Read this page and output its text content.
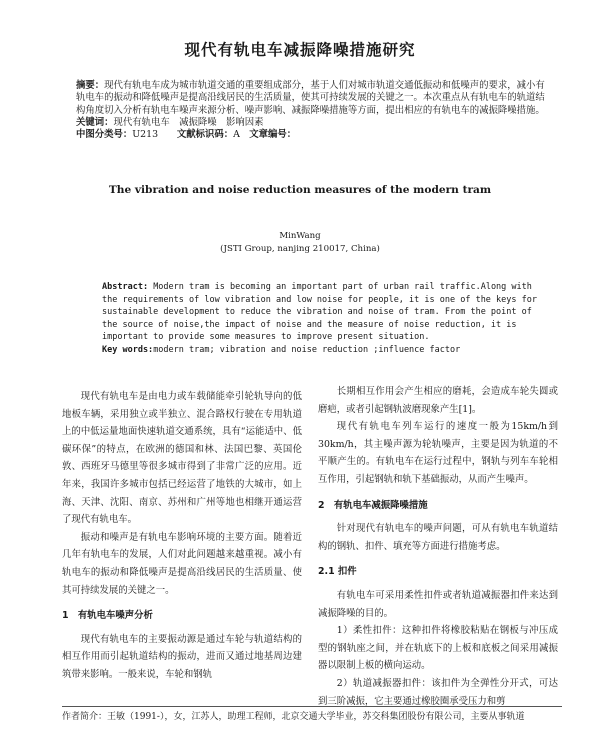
现代有轨电车减振降噪措施研究
摘要：现代有轨电车成为城市轨道交通的重要组成部分，基于人们对城市轨道交通低振动和低噪声的要求，减小有轨电车的振动和降低噪声是提高沿线居民的生活质量，使其可持续发展的关键之一。本次重点从有轨电车的轨道结构角度切入分析有轨电车噪声来源分析、噪声影响、减振降噪措施等方面，提出相应的有轨电车的减振降噪措施。
关键词：现代有轨电车　减振降噪　影响因素
中图分类号：U213   文献标识码：A  文章编号：
The vibration and noise reduction measures of the modern tram
MinWang
(JSTI Group, nanjing 210017, China)
Abstract: Modern tram is becoming an important part of urban rail traffic.Along with the requirements of low vibration and low noise for people, it is one of the keys for sustainable development to reduce the vibration and noise of tram. From the point of the source of noise,the impact of noise and the measure of noise reduction, it is important to provide some measures to improve present situation.
Key words:modern tram; vibration and noise reduction ;influence factor

现代有轨电车是由电力或车载储能牵引轮轨导向的低地板车辆，采用独立或半独立、混合路权行驶在专用轨道上的中低运量地面快速轨道交通系统，具有“运能适中、低碳环保”的特点，在欧洲的德国和林、法国巴黎、英国伦敦、西班牙马德里等很多城市得到了非常广泛的应用。近年来，我国许多城市包括已经运营了地铁的大城市，如上海、天津、沈阳、南京、苏州和广州等地也相继开通运营了现代有轨电车。

振动和噪声是有轨电车影响环境的主要方面。随着近几年有轨电车的发展，人们对此问题越来越重视。减小有轨电车的振动和降低噪声是提高沿线居民的生活质量、使其可持续发展的关键之一。

1　有轨电车噪声分析

现代有轨电车的主要振动源是通过车轮与轨道结构的相互作用而引起轨道结构的振动，进而又通过地基周边建筑带来影响。一般来说，车轮和钢轨

长期相互作用会产生相应的磨耗，会造成车轮失圆或磨疤，或者引起钢轨波磨现象产生[1]。

现代有轨电车列车运行的速度一般为15km/h到30km/h，其主噪声源为轮轨噪声，主要是因为轨道的不平顺产生的。有轨电车在运行过程中，钢轨与列车车轮相互作用，引起钢轨和轨下基础振动，从而产生噪声。

2　有轨电车减振降噪措施

针对现代有轨电车的噪声问题，可从有轨电车轨道结构的钢轨、扣件、填充等方面进行措施考虑。

2.1 扣件

有轨电车可采用柔性扣件或者轨道减振器扣件来达到减振降噪的目的。

1）柔性扣件：这种扣件将橡胶粘贴在钢板与冲压成型的钢轨座之间，并在轨底下的上板和底板之间采用减振器以限制上板的横向运动。

2）轨道减振器扣件：该扣件为全弹性分开式，可达到三阶减振，它主要通过橡胶圈承受压力和剪

作者简介：王敏（1991-），女，江苏人，助理工程师，北京交通大学毕业，苏交科集团股份有限公司，主要从事轨道
